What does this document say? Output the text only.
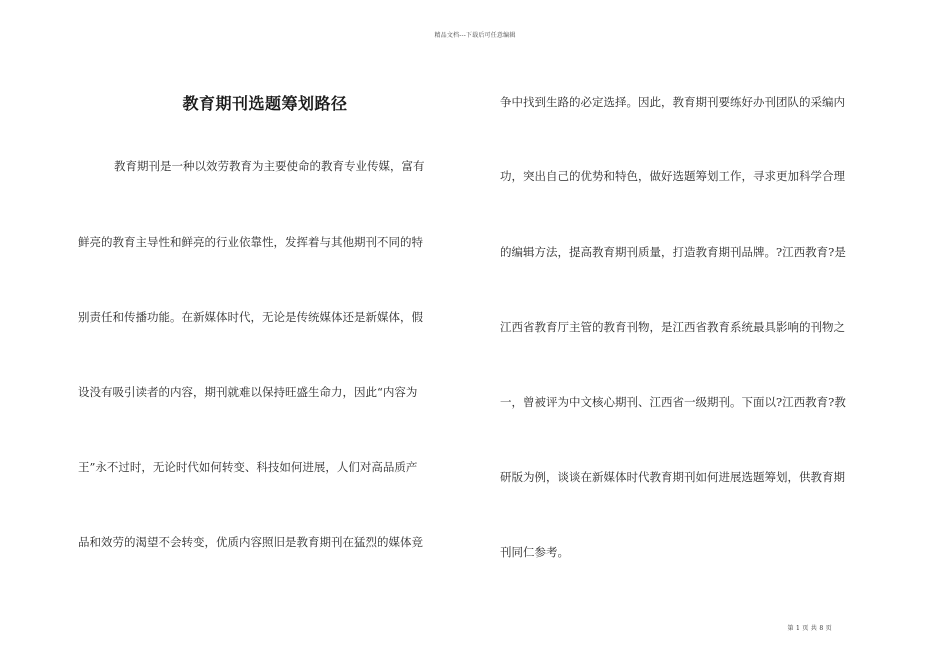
精品文档---下载后可任意编辑
教育期刊选题筹划路径
教育期刊是一种以效劳教育为主要使命的教育专业传媒，富有
鲜亮的教育主导性和鲜亮的行业依靠性，发挥着与其他期刊不同的特
别责任和传播功能。在新媒体时代，无论是传统媒体还是新媒体，假
设没有吸引读者的内容，期刊就难以保持旺盛生命力，因此“内容为
王”永不过时，无论时代如何转变、科技如何进展，人们对高品质产
品和效劳的渴望不会转变，优质内容照旧是教育期刊在猛烈的媒体竞
争中找到生路的必定选择。因此，教育期刊要练好办刊团队的采编内
功，突出自己的优势和特色，做好选题筹划工作，寻求更加科学合理
的编辑方法，提高教育期刊质量，打造教育期刊品牌。?江西教育?是
江西省教育厅主管的教育刊物，是江西省教育系统最具影响的刊物之
一，曾被评为中文核心期刊、江西省一级期刊。下面以?江西教育?教
研版为例，谈谈在新媒体时代教育期刊如何进展选题筹划，供教育期
刊同仁参考。
第 1 页 共 8 页
